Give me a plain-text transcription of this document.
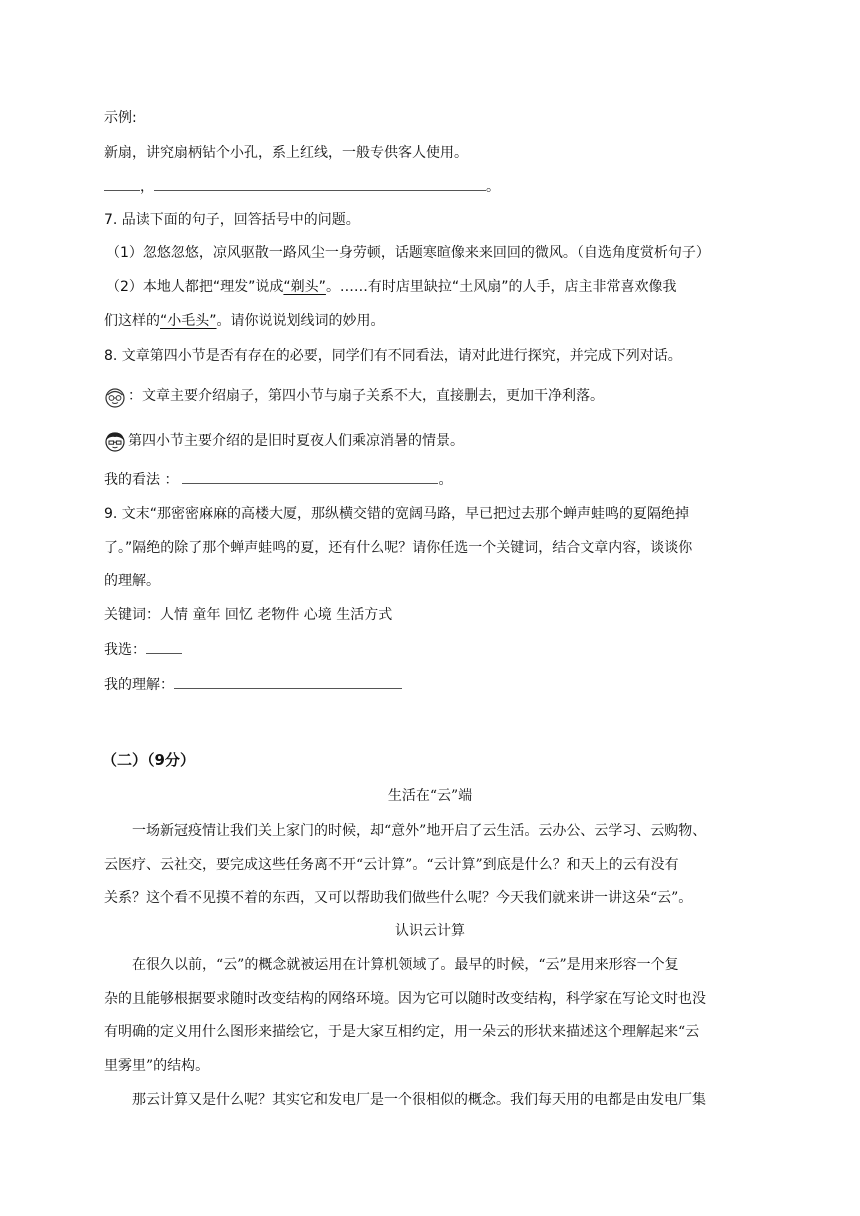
示例:
新扇，讲究扇柄钻个小孔，系上红线，一般专供客人使用。
，	。
7. 品读下面的句子，回答括号中的问题。
（1）忽悠忽悠，凉风驱散一路风尘一身劳顿，话题寒暄像来来回回的微风。（自选角度赏析句子）
（2）本地人都把“理发”说成“剃头”。……有时店里缺拉“土风扇”的人手，店主非常喜欢像我
们这样的“小毛头”。请你说说划线词的妙用。
8. 文章第四小节是否有存在的必要，同学们有不同看法，请对此进行探究，并完成下列对话。
：文章主要介绍扇子，第四小节与扇子关系不大，直接删去，更加干净利落。
第四小节主要介绍的是旧时夏夜人们乘凉消暑的情景。
我的看法 ：	。
9. 文末“那密密麻麻的高楼大厦，那纵横交错的宽阔马路，早已把过去那个蝉声蛙鸣的夏隔绝掉
了。”隔绝的除了那个蝉声蛙鸣的夏，还有什么呢？请你任选一个关键词，结合文章内容，谈谈你
的理解。
关键词：人情 童年 回忆 老物件 心境 生活方式
我选：
我的理解：
（二）（9分）
生活在“云”端
　　一场新冠疫情让我们关上家门的时候，却“意外”地开启了云生活。云办公、云学习、云购物、
云医疗、云社交，要完成这些任务离不开“云计算”。“云计算”到底是什么？和天上的云有没有
关系？这个看不见摸不着的东西，又可以帮助我们做些什么呢？今天我们就来讲一讲这朵“云”。
认识云计算
　　在很久以前，“云”的概念就被运用在计算机领域了。最早的时候，“云”是用来形容一个复
杂的且能够根据要求随时改变结构的网络环境。因为它可以随时改变结构，科学家在写论文时也没
有明确的定义用什么图形来描绘它，于是大家互相约定，用一朵云的形状来描述这个理解起来“云
里雾里”的结构。
　　那云计算又是什么呢？其实它和发电厂是一个很相似的概念。我们每天用的电都是由发电厂集
